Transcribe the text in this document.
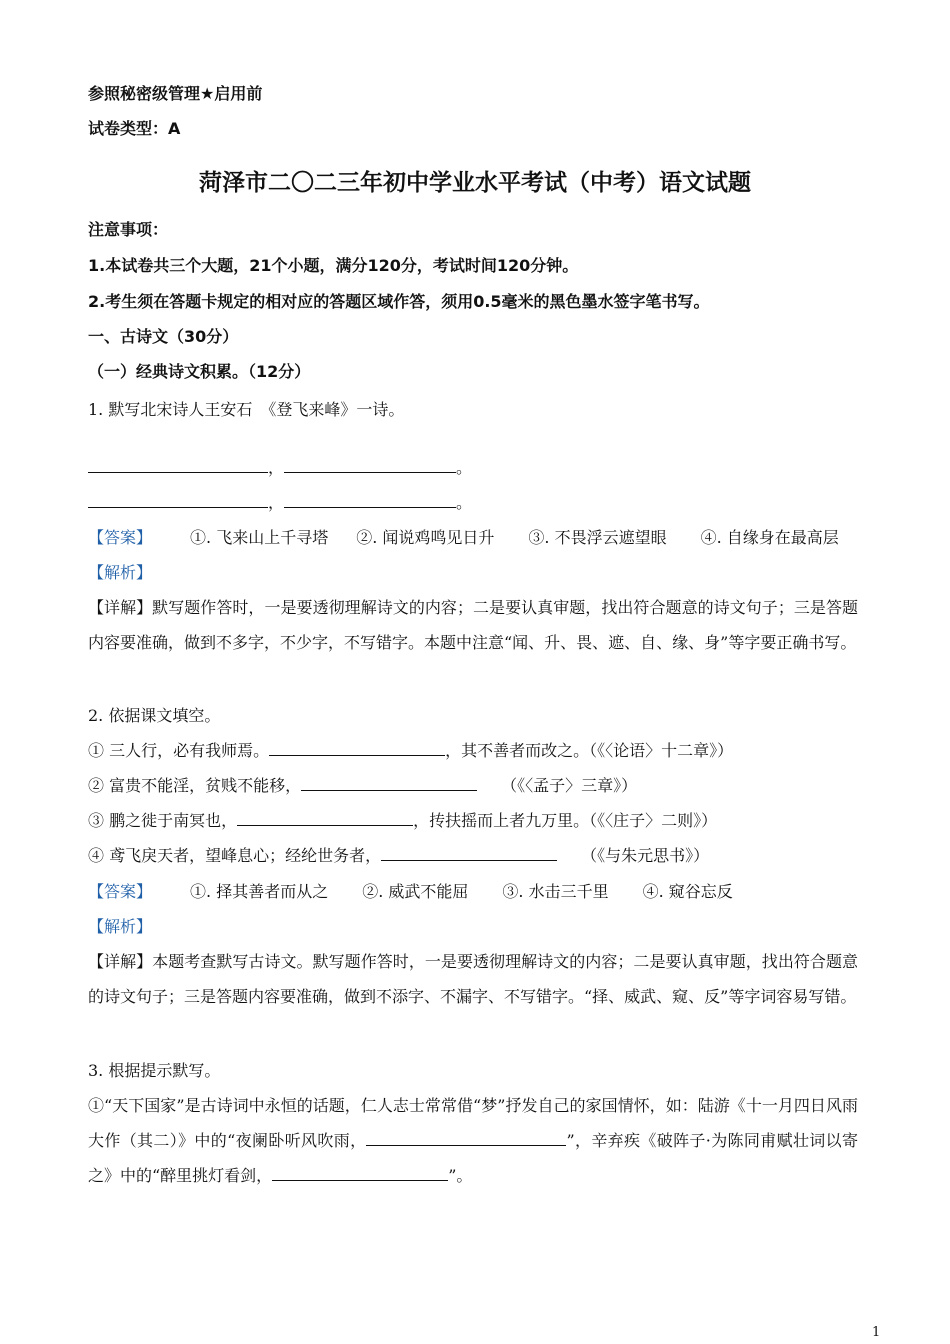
参照秘密级管理★启用前
试卷类型：A
菏泽市二〇二三年初中学业水平考试（中考）语文试题
注意事项：
1.本试卷共三个大题，21个小题，满分120分，考试时间120分钟。
2.考生须在答题卡规定的相对应的答题区域作答，须用0.5毫米的黑色墨水签字笔书写。
一、古诗文（30分）
（一）经典诗文积累。（12分）
1. 默写北宋诗人王安石　《登飞来峰》一诗。
，	。
，	。
【答案】 ①. 飞来山上千寻塔 ②. 闻说鸡鸣见日升 ③. 不畏浮云遮望眼 ④. 自缘身在最高层
【解析】
【详解】默写题作答时，一是要透彻理解诗文的内容；二是要认真审题，找出符合题意的诗文句子；三是答题内容要准确，做到不多字，不少字，不写错字。本题中注意“闻、升、畏、遮、自、缘、身”等字要正确书写。
2. 依据课文填空。
① 三人行，必有我师焉。	，其不善者而改之。（《〈论语〉十二章》）
② 富贵不能淫，贫贱不能移，	（《〈孟子〉三章》）
③ 鹏之徙于南冥也，	，抟扶摇而上者九万里。（《〈庄子〉二则》）
④ 鸢飞戾天者，望峰息心；经纶世务者，	（《与朱元思书》）
【答案】 ①. 择其善者而从之 ②. 威武不能屈 ③. 水击三千里 ④. 窥谷忘反
【解析】
【详解】本题考查默写古诗文。默写题作答时，一是要透彻理解诗文的内容；二是要认真审题，找出符合题意的诗文句子；三是答题内容要准确，做到不添字、不漏字、不写错字。“择、威武、窥、反”等字词容易写错。
3. 根据提示默写。
①“天下国家”是古诗词中永恒的话题，仁人志士常常借“梦”抒发自己的家国情怀，如：陆游《十一月四日风雨大作（其二）》中的“夜阑卧听风吹雨，	”，辛弃疾《破阵子·为陈同甫赋壮词以寄之》中的“醉里挑灯看剑，	”。
1
